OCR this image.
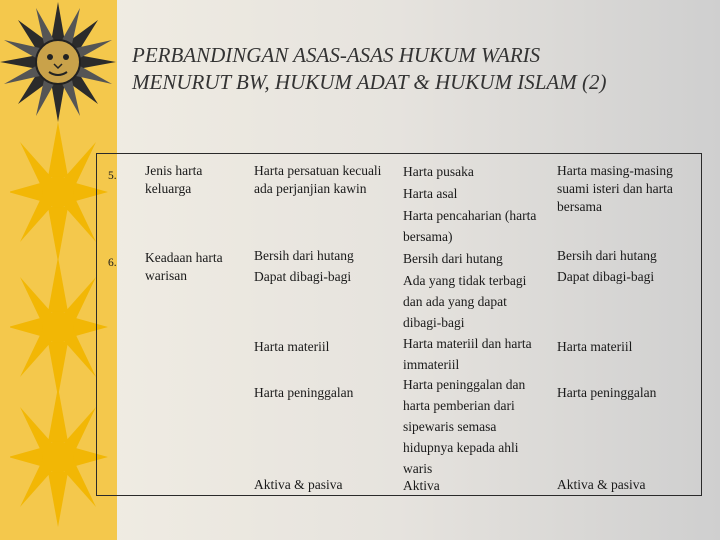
PERBANDINGAN ASAS-ASAS HUKUM WARIS
MENURUT BW, HUKUM ADAT & HUKUM ISLAM (2)
5. Jenis harta keluarga
Harta persatuan kecuali ada perjanjian kawin
Harta pusaka
Harta asal
Harta pencaharian (harta bersama)
Harta masing-masing suami isteri dan harta bersama
6. Keadaan harta warisan
Bersih dari hutang
Dapat dibagi-bagi
Harta materiil
Harta peninggalan
Aktiva & pasiva
Bersih dari hutang
Ada yang tidak terbagi dan ada yang dapat dibagi-bagi
Harta materiil dan harta immateriil
Harta peninggalan dan harta pemberian dari sipewaris semasa hidupnya kepada ahli waris
Aktiva
Bersih dari hutang
Dapat dibagi-bagi
Harta materiil
Harta peninggalan
Aktiva & pasiva
